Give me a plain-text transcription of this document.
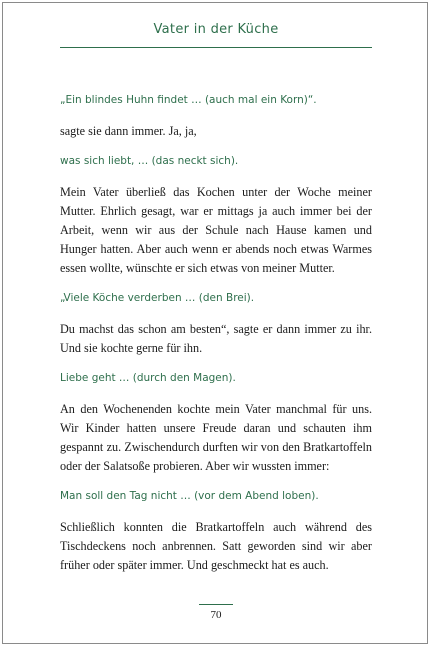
Vater in der Küche

„Ein blindes Huhn findet … (auch mal ein Korn)“.

sagte sie dann immer. Ja, ja,

was sich liebt, … (das neckt sich).

Mein Vater überließ das Kochen unter der Woche meiner Mutter. Ehrlich gesagt, war er mittags ja auch immer bei der Arbeit, wenn wir aus der Schule nach Hause kamen und Hunger hatten. Aber auch wenn er abends noch etwas Warmes essen wollte, wünschte er sich etwas von meiner Mutter.

„Viele Köche verderben … (den Brei).

Du machst das schon am besten“, sagte er dann immer zu ihr. Und sie kochte gerne für ihn.

Liebe geht … (durch den Magen).

An den Wochenenden kochte mein Vater manchmal für uns. Wir Kinder hatten unsere Freude daran und schauten ihm gespannt zu. Zwischendurch durften wir von den Bratkartoffeln oder der Salatsoße probieren. Aber wir wussten immer:

Man soll den Tag nicht … (vor dem Abend loben).

Schließlich konnten die Bratkartoffeln auch während des Tischdeckens noch anbrennen. Satt geworden sind wir aber früher oder später immer. Und geschmeckt hat es auch.

70
